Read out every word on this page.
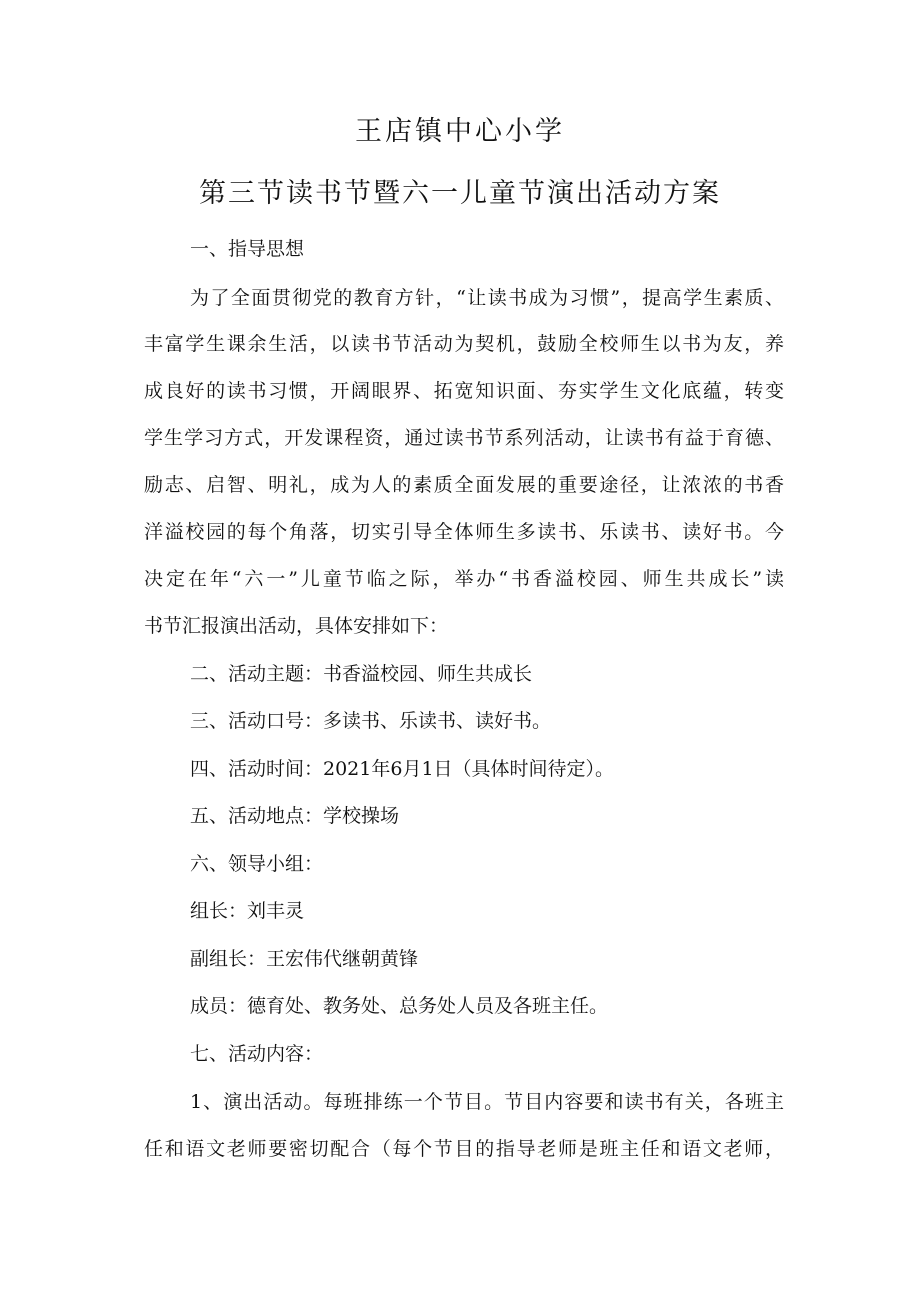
王店镇中心小学
第三节读书节暨六一儿童节演出活动方案
一、指导思想
为了全面贯彻党的教育方针，“让读书成为习惯”，提高学生素质、
丰富学生课余生活，以读书节活动为契机，鼓励全校师生以书为友，养
成良好的读书习惯，开阔眼界、拓宽知识面、夯实学生文化底蕴，转变
学生学习方式，开发课程资，通过读书节系列活动，让读书有益于育德、
励志、启智、明礼，成为人的素质全面发展的重要途径，让浓浓的书香
洋溢校园的每个角落，切实引导全体师生多读书、乐读书、读好书。今
决定在年“六一”儿童节临之际，举办“书香溢校园、师生共成长”读
书节汇报演出活动，具体安排如下：
二、活动主题：书香溢校园、师生共成长
三、活动口号：多读书、乐读书、读好书。
四、活动时间：2021年6月1日（具体时间待定）。
五、活动地点：学校操场
六、领导小组：
组长：刘丰灵
副组长：王宏伟代继朝黄锋
成员：德育处、教务处、总务处人员及各班主任。
七、活动内容：
1、演出活动。每班排练一个节目。节目内容要和读书有关，各班主
任和语文老师要密切配合（每个节目的指导老师是班主任和语文老师，
